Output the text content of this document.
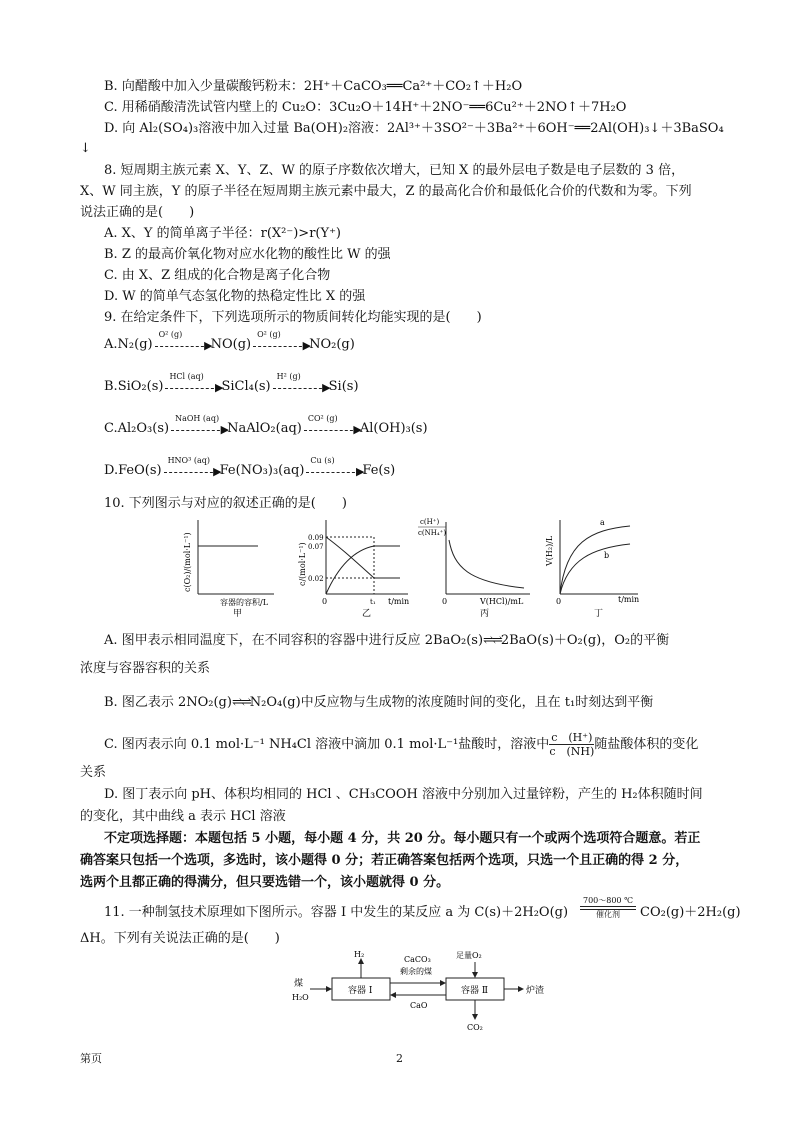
B. 向醋酸中加入少量碳酸钙粉末：2H⁺＋CaCO₃══Ca²⁺＋CO₂↑＋H₂O
C. 用稀硝酸清洗试管内壁上的 Cu₂O：3Cu₂O＋14H⁺＋2NO⁻══6Cu²⁺＋2NO↑＋7H₂O
D. 向 Al₂(SO₄)₃溶液中加入过量 Ba(OH)₂溶液：2Al³⁺＋3SO²⁻＋3Ba²⁺＋6OH⁻══2Al(OH)₃↓＋3BaSO₄
↓
8. 短周期主族元素 X、Y、Z、W 的原子序数依次增大，已知 X 的最外层电子数是电子层数的 3 倍，
X、W 同主族，Y 的原子半径在短周期主族元素中最大，Z 的最高化合价和最低化合价的代数和为零。下列
说法正确的是(　　)
A. X、Y 的简单离子半径：r(X²⁻)>r(Y⁺)
B. Z 的最高价氧化物对应水化物的酸性比 W 的强
C. 由 X、Z 组成的化合物是离子化合物
D. W 的简单气态氢化物的热稳定性比 X 的强
9. 在给定条件下，下列选项所示的物质间转化均能实现的是(　　)
A. N₂(g)
O² (g)
▶
NO(g)
O² (g)
▶
NO₂(g)
B. SiO₂(s)
HCl (aq)
▶
SiCl₄(s)
H² (g)
▶
Si(s)
C. Al₂O₃(s)
NaOH (aq)
▶
NaAlO₂(aq)
CO² (g)
▶
Al(OH)₃(s)
D. FeO(s)
HNO³ (aq)
▶
Fe(NO₃)₃(aq)
Cu (s)
▶
Fe(s)
10. 下列图示与对应的叙述正确的是(　　)
c(O₂)/(mol·L⁻¹)
容器的容积/L
甲
c/(mol·L⁻¹)
0.09
0.07
0.02
0	t₁ t/min
乙
c(H⁺)
c(NH₄⁺)
0	V(HCl)/mL
丙
V(H₂)/L
a
b
0	t/min
丁
A. 图甲表示相同温度下，在不同容积的容器中进行反应 2BaO₂(s)⇌⇌2BaO(s)＋O₂(g)，O₂的平衡
浓度与容器容积的关系
B. 图乙表示 2NO₂(g)⇌⇌N₂O₄(g)中反应物与生成物的浓度随时间的变化，且在 t₁时刻达到平衡
C. 图丙表示向 0.1 mol·L⁻¹ NH₄Cl 溶液中滴加 0.1 mol·L⁻¹盐酸时，溶液中 $\frac{c (H^+)}{c (NH)}$ 随盐酸体积的变化
关系
D. 图丁表示向 pH、体积均相同的 HCl 、CH₃COOH 溶液中分别加入过量锌粉，产生的 H₂体积随时间
的变化，其中曲线 a 表示 HCl 溶液
不定项选择题：本题包括 5 小题，每小题 4 分，共 20 分。每小题只有一个或两个选项符合题意。若正
确答案只包括一个选项，多选时，该小题得 0 分；若正确答案包括两个选项，只选一个且正确的得 2 分，
选两个且都正确的得满分，但只要选错一个，该小题就得 0 分。
11. 一种制氢技术原理如下图所示。容器 Ⅰ 中发生的某反应 a 为 C(s)＋2H₂O(g)
700～800 ℃
催化剂	CO₂(g)＋2H₂(g)
ΔH。下列有关说法正确的是(　　)
容器 Ⅰ	容器 Ⅱ
H₂
煤
H₂O
CaCO₃
剩余的煤
CaO
足量O₂
炉渣
CO₂
第页	2
